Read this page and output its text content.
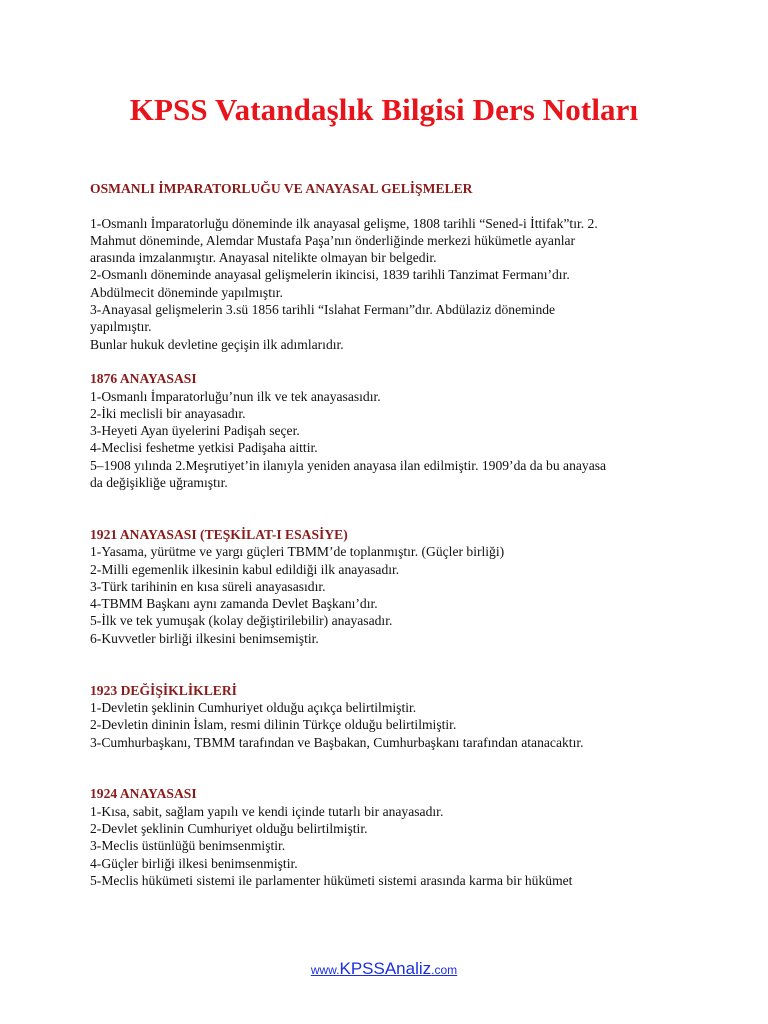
KPSS Vatandaşlık Bilgisi Ders Notları

OSMANLI İMPARATORLUĞU VE ANAYASAL GELİŞMELER

1-Osmanlı İmparatorluğu döneminde ilk anayasal gelişme, 1808 tarihli “Sened-i İttifak”tır. 2.

Mahmut döneminde, Alemdar Mustafa Paşa’nın önderliğinde merkezi hükümetle ayanlar

arasında imzalanmıştır. Anayasal nitelikte olmayan bir belgedir.

2-Osmanlı döneminde anayasal gelişmelerin ikincisi, 1839 tarihli Tanzimat Fermanı’dır.

Abdülmecit döneminde yapılmıştır.

3-Anayasal gelişmelerin 3.sü 1856 tarihli “Islahat Fermanı”dır. Abdülaziz döneminde

yapılmıştır.

Bunlar hukuk devletine geçişin ilk adımlarıdır.

1876 ANAYASASI

1-Osmanlı İmparatorluğu’nun ilk ve tek anayasasıdır.

2-İki meclisli bir anayasadır.

3-Heyeti Ayan üyelerini Padişah seçer.

4-Meclisi feshetme yetkisi Padişaha aittir.

5–1908 yılında 2.Meşrutiyet’in ilanıyla yeniden anayasa ilan edilmiştir. 1909’da da bu anayasa

da değişikliğe uğramıştır.

1921 ANAYASASI (TEŞKİLAT-I ESASİYE)

1-Yasama, yürütme ve yargı güçleri TBMM’de toplanmıştır. (Güçler birliği)

2-Milli egemenlik ilkesinin kabul edildiği ilk anayasadır.

3-Türk tarihinin en kısa süreli anayasasıdır.

4-TBMM Başkanı aynı zamanda Devlet Başkanı’dır.

5-İlk ve tek yumuşak (kolay değiştirilebilir) anayasadır.

6-Kuvvetler birliği ilkesini benimsemiştir.

1923 DEĞİŞİKLİKLERİ

1-Devletin şeklinin Cumhuriyet olduğu açıkça belirtilmiştir.

2-Devletin dininin İslam, resmi dilinin Türkçe olduğu belirtilmiştir.

3-Cumhurbaşkanı, TBMM tarafından ve Başbakan, Cumhurbaşkanı tarafından atanacaktır.

1924 ANAYASASI

1-Kısa, sabit, sağlam yapılı ve kendi içinde tutarlı bir anayasadır.

2-Devlet şeklinin Cumhuriyet olduğu belirtilmiştir.

3-Meclis üstünlüğü benimsenmiştir.

4-Güçler birliği ilkesi benimsenmiştir.

5-Meclis hükümeti sistemi ile parlamenter hükümeti sistemi arasında karma bir hükümet

www.KPSSAnaliz.com
